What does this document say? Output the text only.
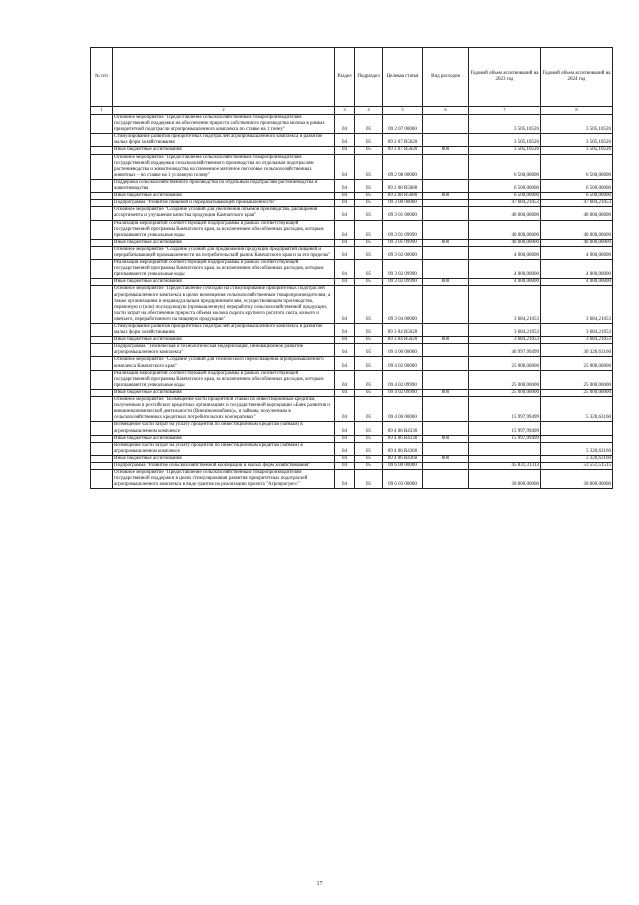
№ п/п		Раздел	Подраздел	Целевая статья	Вид расходов	Годовой объем ассигнований на 2023 год	Годовой объем ассигнований на 2024 год
1	2	3	4	5	6	7	8
	Основное мероприятие "Предоставление сельскохозяйственным товаропроизводителям государственной поддержки на обеспечение прироста собственного производства молока в рамках приоритетной подотрасли агропромышленного комплекса по ставке на 1 тонну"	04	05	09 2 07 00000		3 505,10526	3 505,10526
	Стимулирование развития приоритетных подотраслей агропромышленного комплекса и развитие малых форм хозяйствования	04	05	09 2 07 R5020		3 505,10526	3 505,10526
	Иные бюджетные ассигнования	04	05	09 2 07 R5020	800	3 505,10526	3 505,10526
	Основное мероприятие "Предоставление сельскохозяйственным товаропроизводителям государственной поддержки сельскохозяйственного производства по отдельным подотраслям растениеводства и животноводства на племенное маточное поголовье сельскохозяйственных животных – по ставке на 1 условную голову"	04	05	09 2 08 00000		6 500,00000	6 500,00000
	Поддержка сельскохозяйственного производства по отдельным подотраслям растениеводства и животноводства	04	05	09 2 08 R5080		6 500,00000	6 500,00000
	Иные бюджетные ассигнования	04	05	09 2 08 R5080	800	6 500,00000	6 500,00000
	Подпрограмма "Развитие пищевой и перерабатывающей промышленности"	04	05	09 3 00 00000		47 684,21053	47 684,21053
	Основное мероприятие "Создание условий для увеличения объемов производства, расширения ассортимента и улучшения качества продукции Камчатского края"	04	05	09 3 01 00000		40 000,00000	40 000,00000
	Реализация мероприятий соответствующей подпрограммы в рамках соответствующей государственной программы Камчатского края, за исключением обособленных расходов, которым присваиваются уникальные коды	04	05	09 3 01 09990		40 000,00000	40 000,00000
	Иные бюджетные ассигнования	04	05	09 3 01 09990	800	40 000,00000	40 000,00000
	Основное мероприятие "Создание условий для продвижения продукции предприятий пищевой и перерабатывающей промышленности на потребительский рынок Камчатского края и за его пределы"	04	05	09 3 02 00000		4 000,00000	4 000,00000
	Реализация мероприятий соответствующей подпрограммы в рамках соответствующей государственной программы Камчатского края, за исключением обособленных расходов, которым присваиваются уникальные коды	04	05	09 3 02 09990		4 000,00000	4 000,00000
	Иные бюджетные ассигнования	04	05	09 3 02 09990	800	4 000,00000	4 000,00000
	Основное мероприятие "Предоставление субсидии на стимулирование приоритетных подотраслей агропромышленного комплекса в целях возмещения сельскохозяйственным товаропроизводителям, а также организациям и индивидуальным предпринимателям, осуществляющим производство, первичную и (или) последующую (промышленную) переработку сельскохозяйственной продукции, части затрат на обеспечение прироста объема молока сырого крупного рогатого скота, козьего и овечьего, переработанного на пищевую продукцию"	04	05	09 3 04 00000		3 684,21053	3 684,21053
	Стимулирование развития приоритетных подотраслей агропромышленного комплекса и развитие малых форм хозяйствования	04	05	09 3 04 R5020		3 684,21053	3 684,21053
	Иные бюджетные ассигнования	04	05	09 3 04 R5020	800	3 684,21053	3 684,21053
	Подпрограмма "Техническая и технологическая модернизация, инновационное развитие агропромышленного комплекса"	04	05	09 4 00 00000		40 997,99499	30 320,63160
	Основное мероприятие "Создание условий для технического переоснащения агропромышленного комплекса Камчатского края"	04	05	09 4 02 00000		25 000,00000	25 000,00000
	Реализация мероприятий соответствующей подпрограммы в рамках соответствующей государственной программы Камчатского края, за исключением обособленных расходов, которым присваиваются уникальные коды	04	05	09 4 02 09990		25 000,00000	25 000,00000
	Иные бюджетные ассигнования	04	05	09 4 02 09990	800	25 000,00000	25 000,00000
	Основное мероприятие "Возмещение части процентной ставки по инвестиционным кредитам, полученным в российских кредитных организациях и государственной корпорации «Банк развития и внешнеэкономической деятельности (Внешэкономбанк)», и займам, полученным в сельскохозяйственных кредитных потребительских кооперативах"	04	05	09 4 06 00000		15 997,99499	5 320,63160
	Возмещение части затрат на уплату процентов по инвестиционным кредитам (займам) в агропромышленном комплексе	04	05	09 4 06 R4330		15 997,99499	
	Иные бюджетные ассигнования	04	05	09 4 06 R4330	800	15 997,99499	
	Возмещение части затрат на уплату процентов по инвестиционным кредитам (займам) в агропромышленном комплексе	04	05	09 4 06 R4360			5 320,63160
	Иные бюджетные ассигнования	04	05	09 4 06 R4360	800		5 320,63160
	Подпрограмма "Развитие сельскохозяйственной кооперации и малых форм хозяйствования"	04	05	09 6 00 00000		45 831,31313	53 551,51515
	Основное мероприятие "Предоставление сельскохозяйственным товаропроизводителям государственной поддержки в целях стимулирования развития приоритетных подотраслей агропромышленного комплекса в виде грантов на реализацию проекта "Агропрогресс"	04	05	09 6 03 00000		30 000,00000	30 000,00000
17
